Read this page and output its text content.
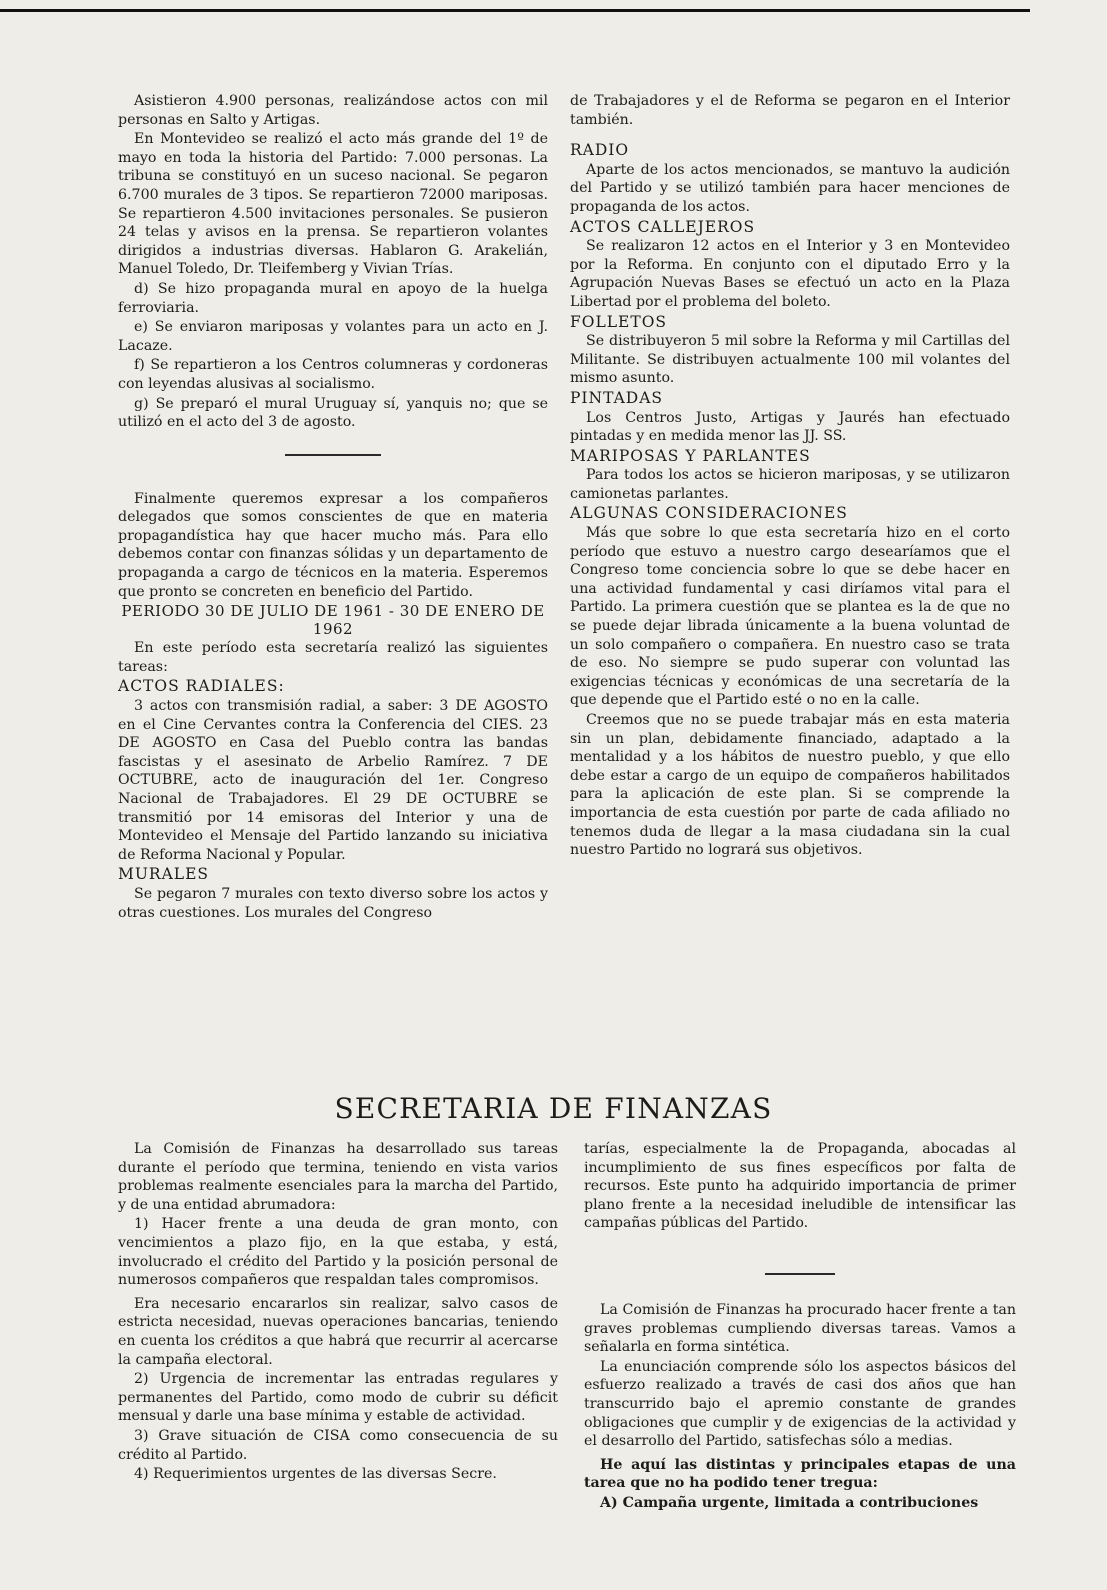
Asistieron 4.900 personas, realizándose actos con mil personas en Salto y Artigas.

En Montevideo se realizó el acto más grande del 1º de mayo en toda la historia del Partido: 7.000 personas. La tribuna se constituyó en un suceso nacional. Se pegaron 6.700 murales de 3 tipos. Se repartieron 72000 mariposas. Se repartieron 4.500 invitaciones personales. Se pusieron 24 telas y avisos en la prensa. Se repartieron volantes dirigidos a industrias diversas. Hablaron G. Arakelián, Manuel Toledo, Dr. Tleifemberg y Vivian Trías.

d) Se hizo propaganda mural en apoyo de la huelga ferroviaria.

e) Se enviaron mariposas y volantes para un acto en J. Lacaze.

f) Se repartieron a los Centros columneras y cordoneras con leyendas alusivas al socialismo.

g) Se preparó el mural Uruguay sí, yanquis no; que se utilizó en el acto del 3 de agosto.

Finalmente queremos expresar a los compañeros delegados que somos conscientes de que en materia propagandística hay que hacer mucho más. Para ello debemos contar con finanzas sólidas y un departamento de propaganda a cargo de técnicos en la materia. Esperemos que pronto se concreten en beneficio del Partido.

PERIODO 30 DE JULIO DE 1961 - 30 DE ENERO DE 1962

En este período esta secretaría realizó las siguientes tareas:

ACTOS RADIALES:

3 actos con transmisión radial, a saber: 3 DE AGOSTO en el Cine Cervantes contra la Conferencia del CIES. 23 DE AGOSTO en Casa del Pueblo contra las bandas fascistas y el asesinato de Arbelio Ramírez. 7 DE OCTUBRE, acto de inauguración del 1er. Congreso Nacional de Trabajadores. El 29 DE OCTUBRE se transmitió por 14 emisoras del Interior y una de Montevideo el Mensaje del Partido lanzando su iniciativa de Reforma Nacional y Popular.

MURALES

Se pegaron 7 murales con texto diverso sobre los actos y otras cuestiones. Los murales del Congreso

de Trabajadores y el de Reforma se pegaron en el Interior también.

RADIO

Aparte de los actos mencionados, se mantuvo la audición del Partido y se utilizó también para hacer menciones de propaganda de los actos.

ACTOS CALLEJEROS

Se realizaron 12 actos en el Interior y 3 en Montevideo por la Reforma. En conjunto con el diputado Erro y la Agrupación Nuevas Bases se efectuó un acto en la Plaza Libertad por el problema del boleto.

FOLLETOS

Se distribuyeron 5 mil sobre la Reforma y mil Cartillas del Militante. Se distribuyen actualmente 100 mil volantes del mismo asunto.

PINTADAS

Los Centros Justo, Artigas y Jaurés han efectuado pintadas y en medida menor las JJ. SS.

MARIPOSAS Y PARLANTES

Para todos los actos se hicieron mariposas, y se utilizaron camionetas parlantes.

ALGUNAS CONSIDERACIONES

Más que sobre lo que esta secretaría hizo en el corto período que estuvo a nuestro cargo desearíamos que el Congreso tome conciencia sobre lo que se debe hacer en una actividad fundamental y casi diríamos vital para el Partido. La primera cuestión que se plantea es la de que no se puede dejar librada únicamente a la buena voluntad de un solo compañero o compañera. En nuestro caso se trata de eso. No siempre se pudo superar con voluntad las exigencias técnicas y económicas de una secretaría de la que depende que el Partido esté o no en la calle.

Creemos que no se puede trabajar más en esta materia sin un plan, debidamente financiado, adaptado a la mentalidad y a los hábitos de nuestro pueblo, y que ello debe estar a cargo de un equipo de compañeros habilitados para la aplicación de este plan. Si se comprende la importancia de esta cuestión por parte de cada afiliado no tenemos duda de llegar a la masa ciudadana sin la cual nuestro Partido no logrará sus objetivos.

SECRETARIA DE FINANZAS

La Comisión de Finanzas ha desarrollado sus tareas durante el período que termina, teniendo en vista varios problemas realmente esenciales para la marcha del Partido, y de una entidad abrumadora:

1) Hacer frente a una deuda de gran monto, con vencimientos a plazo fijo, en la que estaba, y está, involucrado el crédito del Partido y la posición personal de numerosos compañeros que respaldan tales compromisos.

Era necesario encararlos sin realizar, salvo casos de estricta necesidad, nuevas operaciones bancarias, teniendo en cuenta los créditos a que habrá que recurrir al acercarse la campaña electoral.

2) Urgencia de incrementar las entradas regulares y permanentes del Partido, como modo de cubrir su déficit mensual y darle una base mínima y estable de actividad.

3) Grave situación de CISA como consecuencia de su crédito al Partido.

4) Requerimientos urgentes de las diversas Secre.

tarías, especialmente la de Propaganda, abocadas al incumplimiento de sus fines específicos por falta de recursos. Este punto ha adquirido importancia de primer plano frente a la necesidad ineludible de intensificar las campañas públicas del Partido.

La Comisión de Finanzas ha procurado hacer frente a tan graves problemas cumpliendo diversas tareas. Vamos a señalarla en forma sintética.

La enunciación comprende sólo los aspectos básicos del esfuerzo realizado a través de casi dos años que han transcurrido bajo el apremio constante de grandes obligaciones que cumplir y de exigencias de la actividad y el desarrollo del Partido, satisfechas sólo a medias.

He aquí las distintas y principales etapas de una tarea que no ha podido tener tregua:

A) Campaña urgente, limitada a contribuciones
